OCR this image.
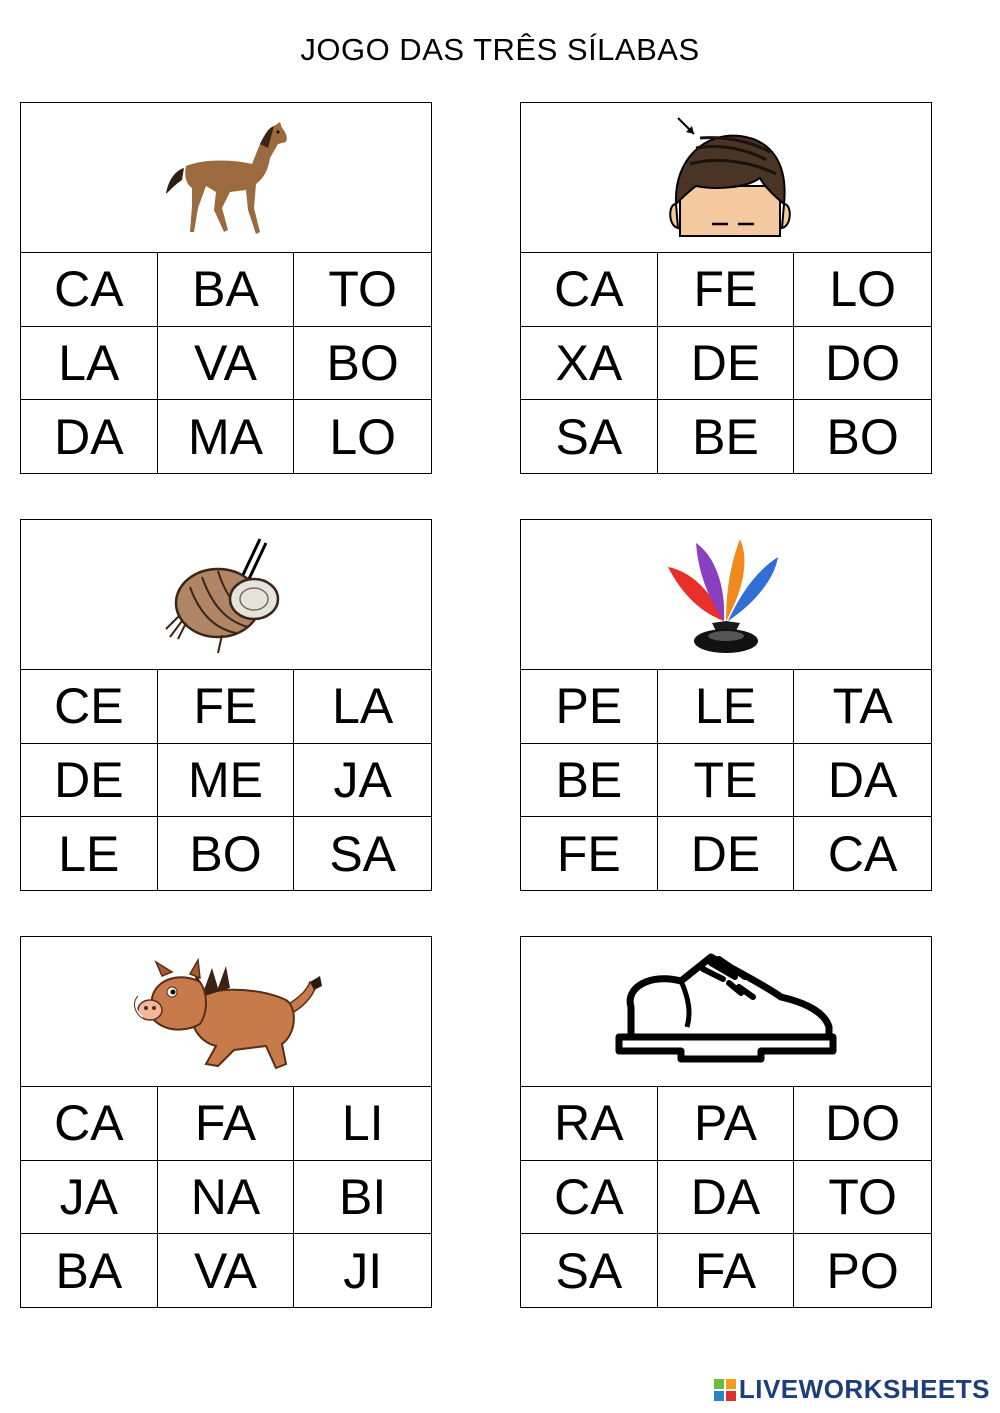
JOGO DAS TRÊS SÍLABAS
CA	BA	TO
LA	VA	BO
DA	MA	LO
CA	FE	LO
XA	DE	DO
SA	BE	BO
CE	FE	LA
DE	ME	JA
LE	BO	SA
PE	LE	TA
BE	TE	DA
FE	DE	CA
CA	FA	LI
JA	NA	BI
BA	VA	JI
RA	PA	DO
CA	DA	TO
SA	FA	PO
LIVEWORKSHEETS
